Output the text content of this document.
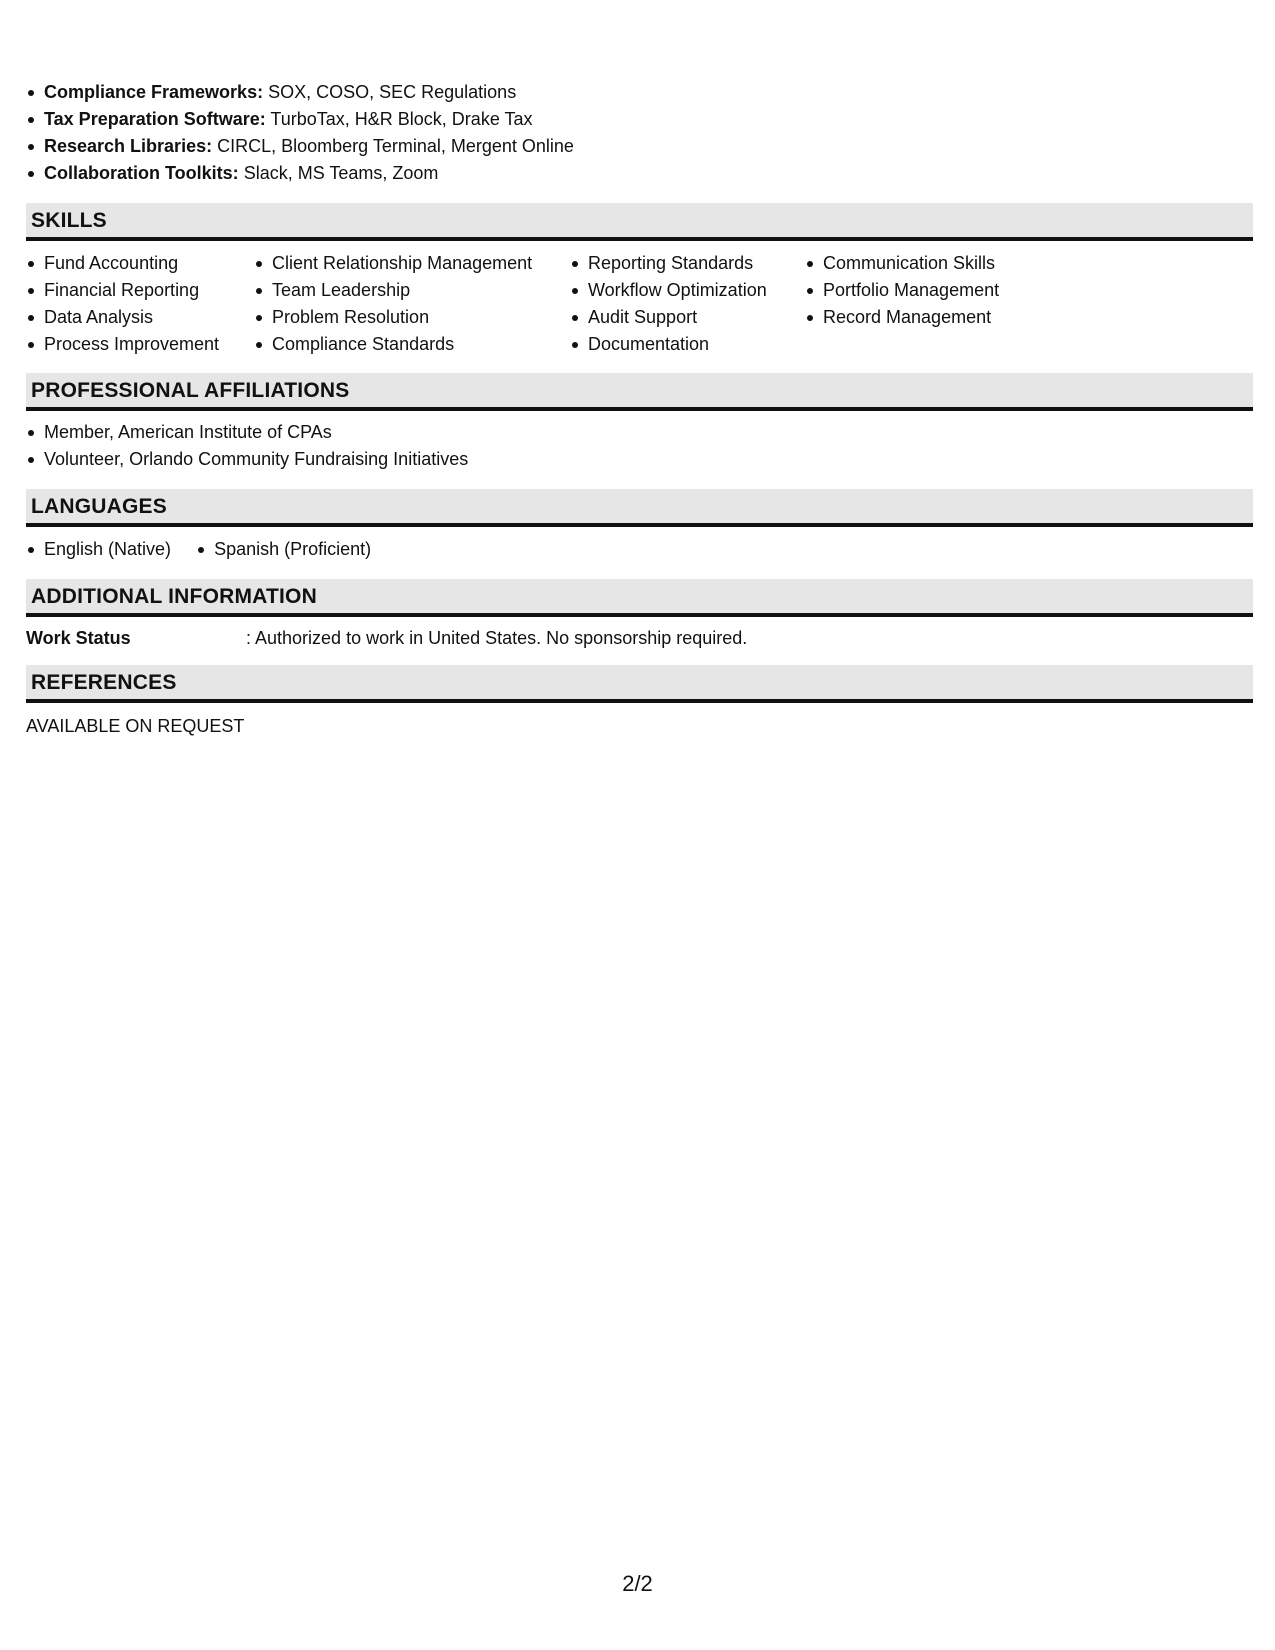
Compliance Frameworks: SOX, COSO, SEC Regulations
Tax Preparation Software: TurboTax, H&R Block, Drake Tax
Research Libraries: CIRCL, Bloomberg Terminal, Mergent Online
Collaboration Toolkits: Slack, MS Teams, Zoom
SKILLS
Fund Accounting
Financial Reporting
Data Analysis
Process Improvement
Client Relationship Management
Team Leadership
Problem Resolution
Compliance Standards
Reporting Standards
Workflow Optimization
Audit Support
Documentation
Communication Skills
Portfolio Management
Record Management
PROFESSIONAL AFFILIATIONS
Member, American Institute of CPAs
Volunteer, Orlando Community Fundraising Initiatives
LANGUAGES
English (Native) Spanish (Proficient)
ADDITIONAL INFORMATION
Work Status	: Authorized to work in United States. No sponsorship required.
REFERENCES
AVAILABLE ON REQUEST
2/2
